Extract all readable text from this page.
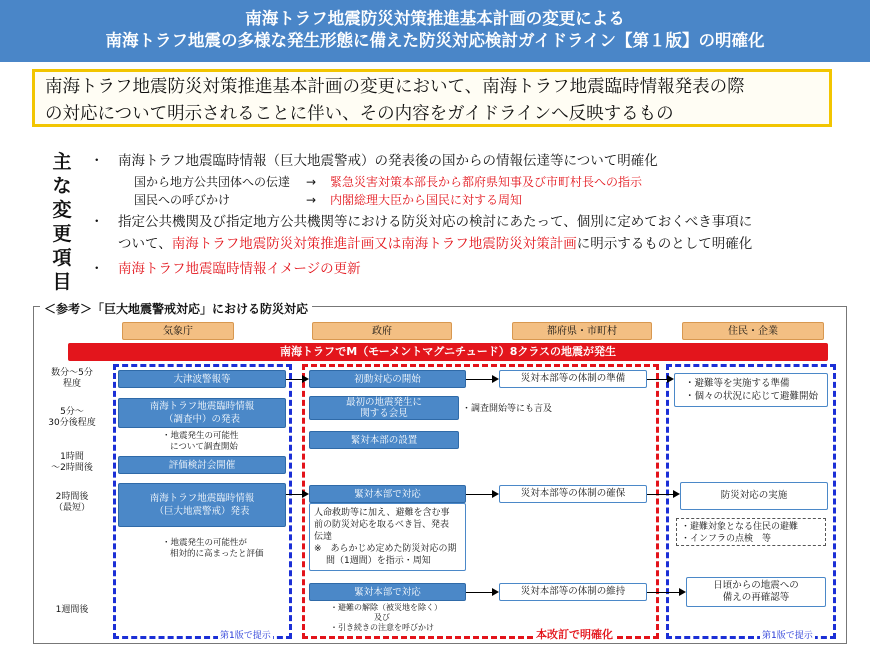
南海トラフ地震防災対策推進基本計画の変更による
南海トラフ地震の多様な発生形態に備えた防災対応検討ガイドライン【第１版】の明確化
南海トラフ地震防災対策推進基本計画の変更において、南海トラフ地震臨時情報発表の際
の対応について明示されることに伴い、その内容をガイドラインへ反映するもの
主
な
変
更
項
目
・ 南海トラフ地震臨時情報（巨大地震警戒）の発表後の国からの情報伝達等について明確化
国から地方公共団体への伝達 → 緊急災害対策本部長から都府県知事及び市町村長への指示
国民への呼びかけ	→ 内閣総理大臣から国民に対する周知
・ 指定公共機関及び指定地方公共機関等における防災対応の検討にあたって、個別に定めておくべき事項に
ついて、南海トラフ地震防災対策推進計画又は南海トラフ地震防災対策計画に明示するものとして明確化
・ 南海トラフ地震臨時情報イメージの更新
＜参考＞「巨大地震警戒対応」における防災対応
気象庁	政府	都府県・市町村	住民・企業
南海トラフでM（モーメントマグニチュード）8クラスの地震が発生
数分～5分
程度
5分～
30分後程度
1時間
～2時間後
2時間後
（最短）
1週間後
大津波警報等
南海トラフ地震臨時情報
（調査中）の発表
・地震発生の可能性
について調査開始
評価検討会開催
南海トラフ地震臨時情報
（巨大地震警戒）発表
・地震発生の可能性が
相対的に高まったと評価
初動対応の開始
最初の地震発生に
関する会見	・調査開始等にも言及
緊対本部の設置
緊対本部で対応
人命救助等に加え、避難を含む事
前の防災対応を取るべき旨、発表
伝達
※　あらかじめ定めた防災対応の期
間（1週間）を指示・周知
緊対本部で対応
・避難の解除（被災地を除く）
及び
・引き続きの注意を呼びかけ
災対本部等の体制の準備
災対本部等の体制の確保
災対本部等の体制の維持
・避難等を実施する準備
・個々の状況に応じて避難開始
防災対応の実施
・避難対象となる住民の避難
・インフラの点検　等
日頃からの地震への
備えの再確認等
第1版で提示	本改訂で明確化	第1版で提示
